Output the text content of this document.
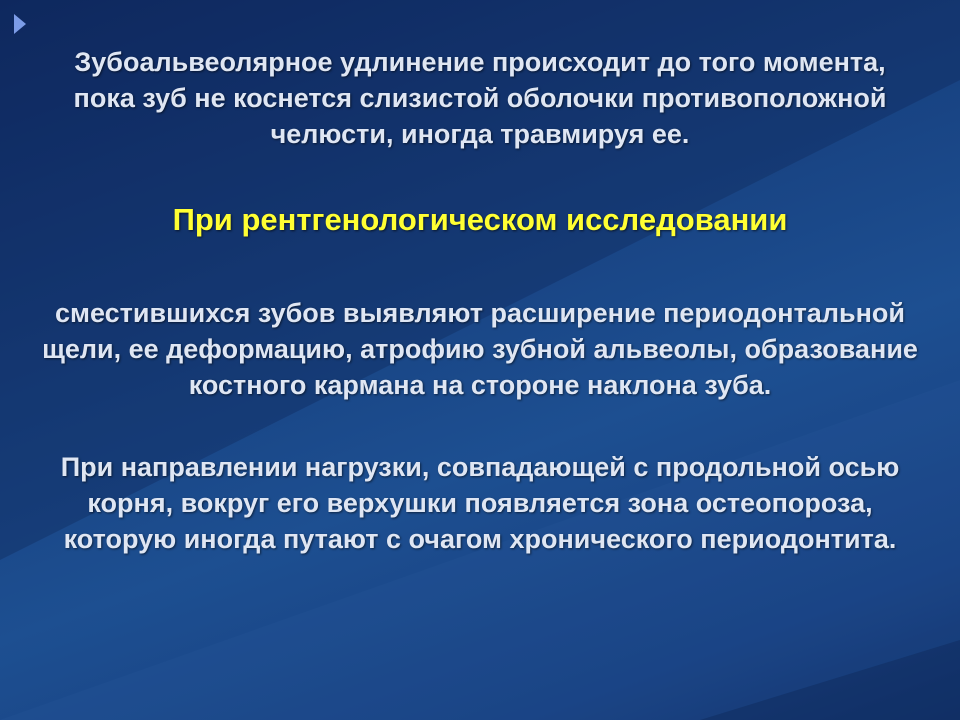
Зубоальвеолярное удлинение происходит до того момента, пока зуб не коснется слизистой оболочки противоположной челюсти, иногда травмируя ее.
При рентгенологическом исследовании
сместившихся зубов выявляют расширение периодонтальной щели, ее деформацию, атрофию зубной альвеолы, образование костного кармана на стороне наклона зуба.
При направлении нагрузки, совпадающей с продольной осью корня, вокруг его верхушки появляется зона остеопороза, которую иногда путают с очагом хронического периодонтита.
